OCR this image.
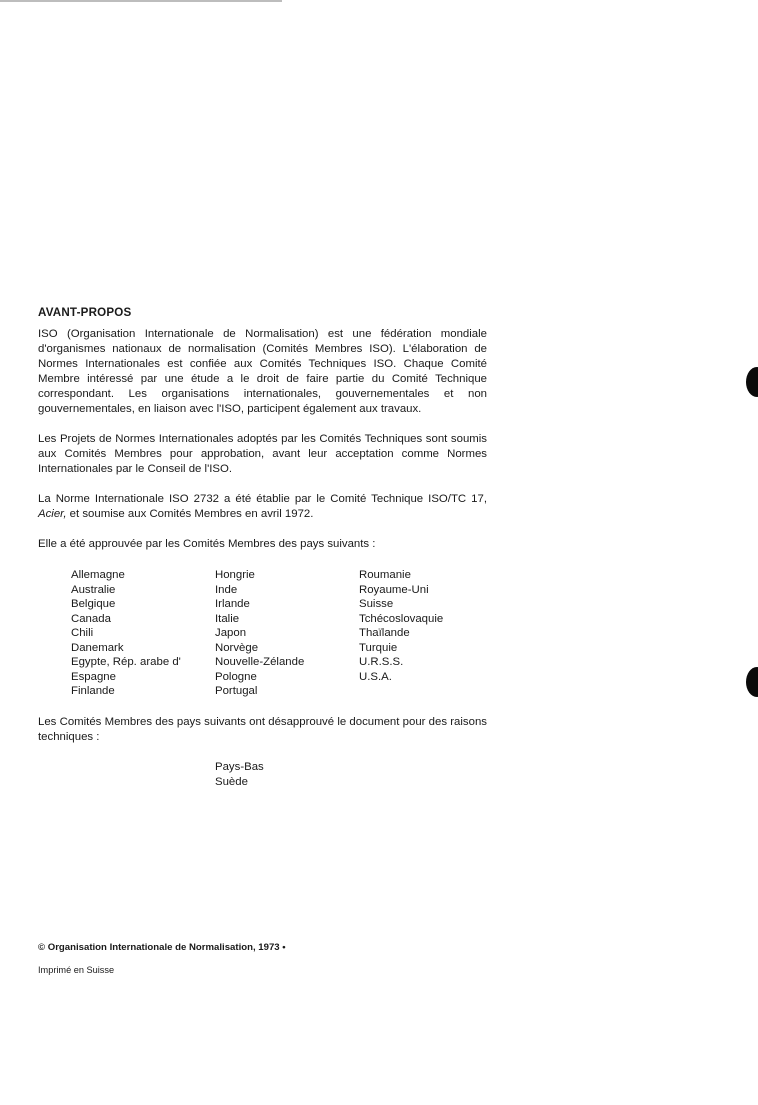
AVANT-PROPOS

ISO (Organisation Internationale de Normalisation) est une fédération mondiale d'organismes nationaux de normalisation (Comités Membres ISO). L'élaboration de Normes Internationales est confiée aux Comités Techniques ISO. Chaque Comité Membre intéressé par une étude a le droit de faire partie du Comité Technique correspondant. Les organisations internationales, gouvernementales et non gouvernementales, en liaison avec l'ISO, participent également aux travaux.

Les Projets de Normes Internationales adoptés par les Comités Techniques sont soumis aux Comités Membres pour approbation, avant leur acceptation comme Normes Internationales par le Conseil de l'ISO.

La Norme Internationale ISO 2732 a été établie par le Comité Technique ISO/TC 17, Acier, et soumise aux Comités Membres en avril 1972.

Elle a été approuvée par les Comités Membres des pays suivants :

Allemagne
Australie
Belgique
Canada
Chili
Danemark
Egypte, Rép. arabe d'
Espagne
Finlande
Hongrie
Inde
Irlande
Italie
Japon
Norvège
Nouvelle-Zélande
Pologne
Portugal
Roumanie
Royaume-Uni
Suisse
Tchécoslovaquie
Thaïlande
Turquie
U.R.S.S.
U.S.A.

Les Comités Membres des pays suivants ont désapprouvé le document pour des raisons techniques :

Pays-Bas
Suède
© Organisation Internationale de Normalisation, 1973 •
Imprimé en Suisse
